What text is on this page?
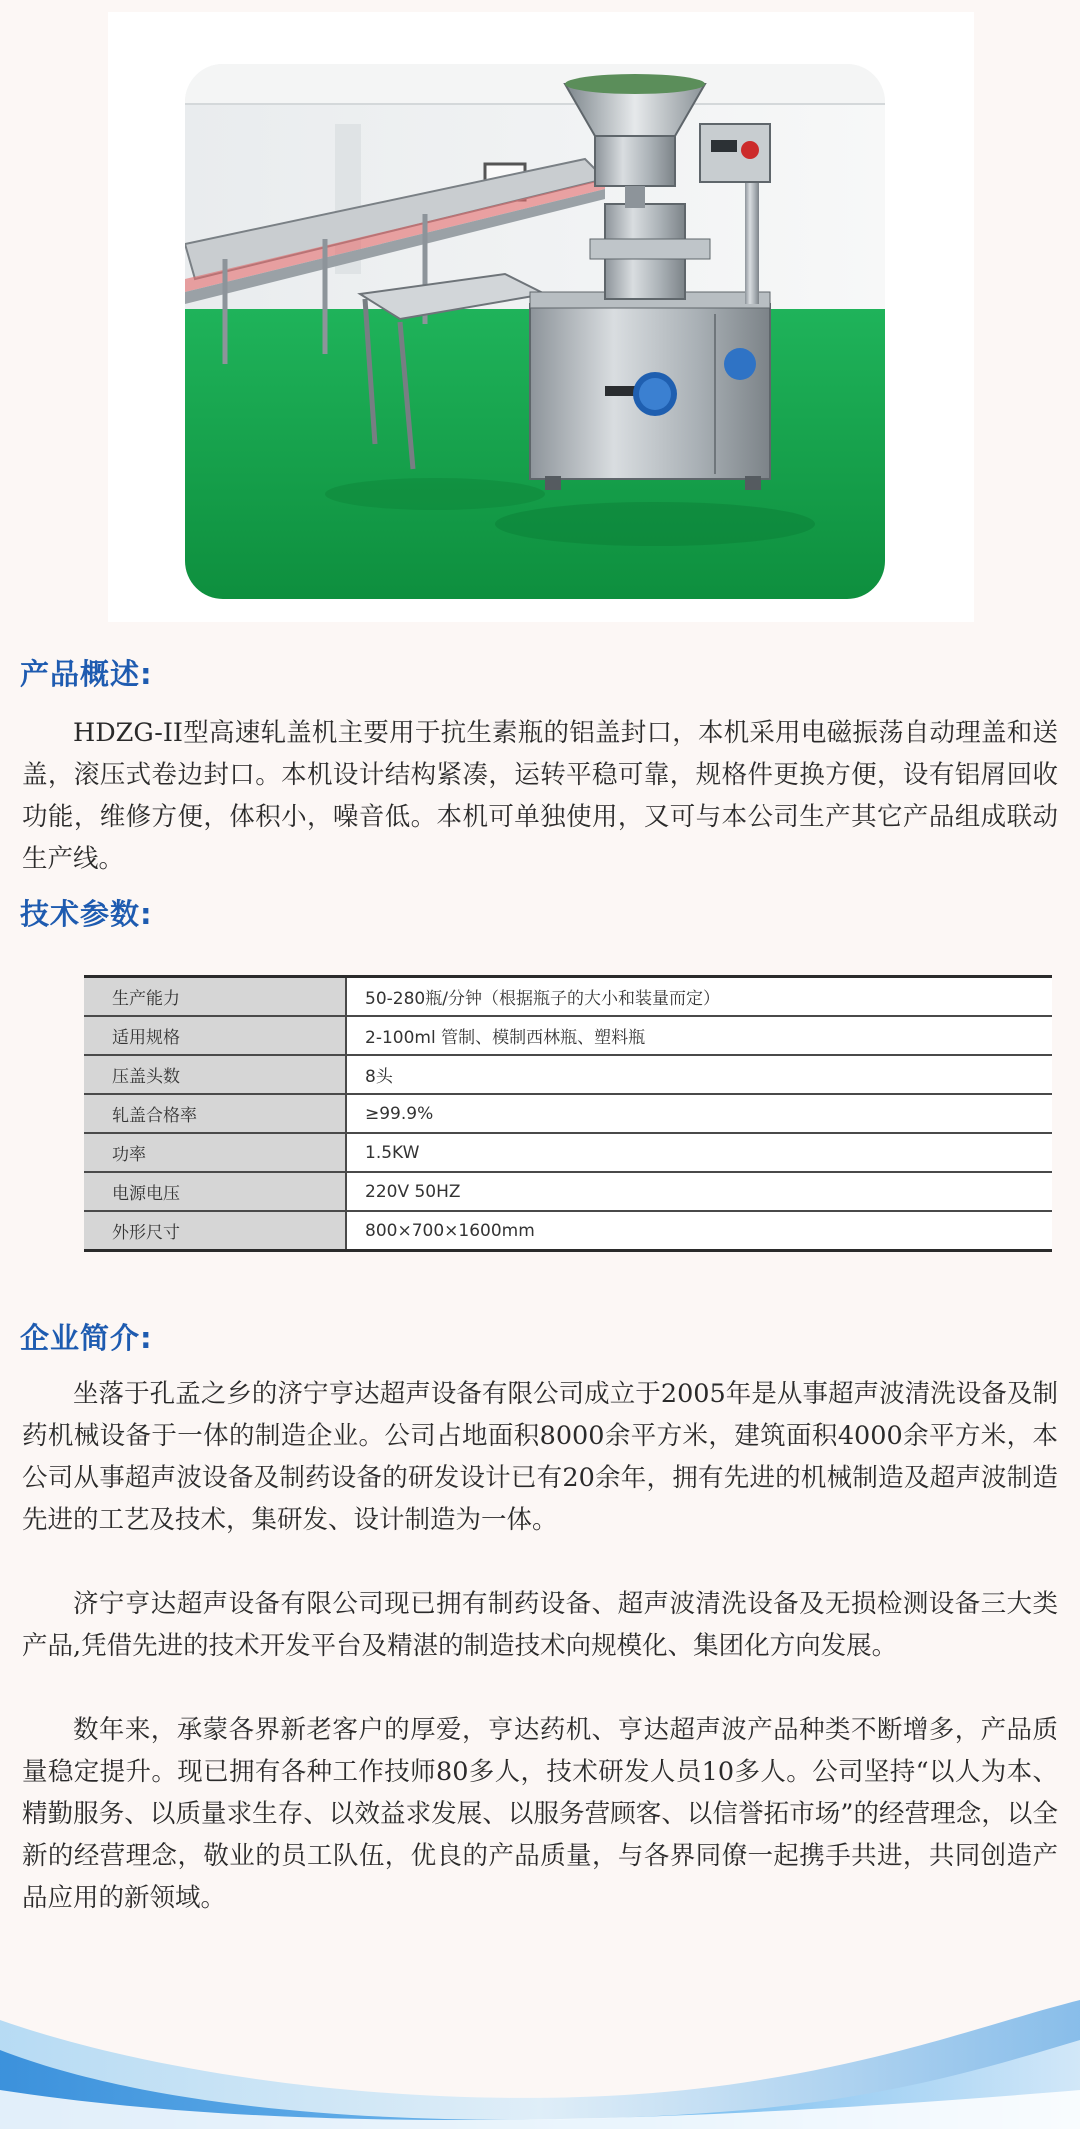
产品概述:

HDZG-II型高速轧盖机主要用于抗生素瓶的铝盖封口，本机采用电磁振荡自动理盖和送盖，滚压式卷边封口。本机设计结构紧凑，运转平稳可靠，规格件更换方便，设有铝屑回收功能，维修方便，体积小，噪音低。本机可单独使用，又可与本公司生产其它产品组成联动生产线。

技术参数:
生产能力	50-280瓶/分钟（根据瓶子的大小和装量而定）
适用规格	2-100ml 管制、模制西林瓶、塑料瓶
压盖头数	8头
轧盖合格率	≥99.9%
功率	1.5KW
电源电压	220V 50HZ
外形尺寸	800×700×1600mm
企业简介:

坐落于孔孟之乡的济宁亨达超声设备有限公司成立于2005年是从事超声波清洗设备及制药机械设备于一体的制造企业。公司占地面积8000余平方米，建筑面积4000余平方米，本公司从事超声波设备及制药设备的研发设计已有20余年，拥有先进的机械制造及超声波制造先进的工艺及技术，集研发、设计制造为一体。

济宁亨达超声设备有限公司现已拥有制药设备、超声波清洗设备及无损检测设备三大类产品,凭借先进的技术开发平台及精湛的制造技术向规模化、集团化方向发展。

数年来，承蒙各界新老客户的厚爱，亨达药机、亨达超声波产品种类不断增多，产品质量稳定提升。现已拥有各种工作技师80多人，技术研发人员10多人。公司坚持“以人为本、精勤服务、以质量求生存、以效益求发展、以服务营顾客、以信誉拓市场”的经营理念，以全新的经营理念，敬业的员工队伍，优良的产品质量，与各界同僚一起携手共进，共同创造产品应用的新领域。
